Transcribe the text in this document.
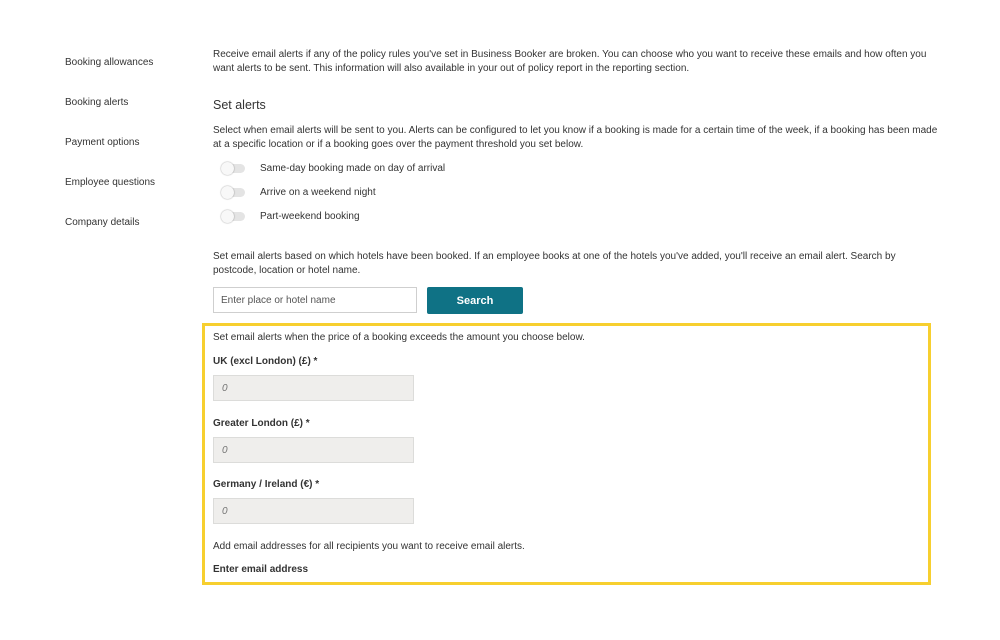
Booking allowances
Booking alerts
Payment options
Employee questions
Company details

Receive email alerts if any of the policy rules you've set in Business Booker are broken. You can choose who you want to receive these emails and how often you want alerts to be sent. This information will also available in your out of policy report in the reporting section.

Set alerts

Select when email alerts will be sent to you. Alerts can be configured to let you know if a booking is made for a certain time of the week, if a booking has been made at a specific location or if a booking goes over the payment threshold you set below.

Same-day booking made on day of arrival
Arrive on a weekend night
Part-weekend booking

Set email alerts based on which hotels have been booked. If an employee books at one of the hotels you've added, you'll receive an email alert. Search by postcode, location or hotel name.

Enter place or hotel name
Search
Set email alerts when the price of a booking exceeds the amount you choose below.
UK (excl London) (£) *
0
Greater London (£) *
0
Germany / Ireland (€) *
0
Add email addresses for all recipients you want to receive email alerts.
Enter email address
